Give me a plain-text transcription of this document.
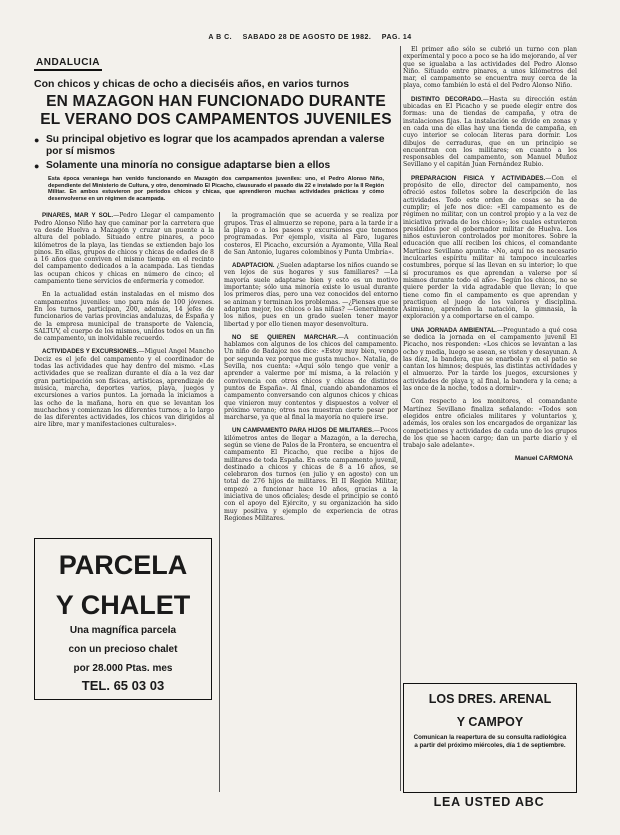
A B C. SABADO 28 DE AGOSTO DE 1982. PAG. 14
ANDALUCIA
Con chicos y chicas de ocho a dieciséis años, en varios turnos
EN MAZAGON HAN FUNCIONADO DURANTE EL VERANO DOS CAMPAMENTOS JUVENILES
● Su principal objetivo es lograr que los acampados aprendan a valerse por sí mismos
● Solamente una minoría no consigue adaptarse bien a ellos
Esta época veraniega han venido funcionando en Mazagón dos campamentos juveniles: uno, el Pedro Alonso Niño, dependiente del Ministerio de Cultura, y otro, denominado El Picacho, clausurado el pasado día 22 e instalado por la II Región Militar. En ambos estuvieron por periodos chicos y chicas, que aprendieron muchas actividades prácticas y cómo desenvolverse en un régimen de acampada.

PINARES, MAR Y SOL.—Pedro Llegar el campamento Pedro Alonso Niño hay que caminar por la carretera que va desde Huelva a Mazagón y cruzar un puente a la altura del poblado. Situado entre pinares, a poco kilómetros de la playa, las tiendas se extienden bajo los pinos. En ellas, grupos de chicos y chicas de edades de 8 a 16 años que conviven el mismo tiempo en el recinto del campamento dedicados a la acampada. Las tiendas las ocupan chicos y chicas en número de cinco; el campamento tiene servicios de enfermería y comedor.

En la actualidad están instaladas en el mismo dos campamentos juveniles: uno para más de 100 jóvenes. En los turnos, participan, 200, además, 14 jefes de funcionarios de varias provincias andaluzas, de España y de la empresa municipal de transporte de Valencia, SALTUV, el cuerpo de los mismos, unidos todos en un fin de campamento, un inolvidable recuerdo.

ACTIVIDADES Y EXCURSIONES.—Miguel Angel Mancho Deciz es el jefe del campamento y el coordinador de todas las actividades que hay dentro del mismo. «Las actividades que se realizan durante el día a la vez dar gran participación son físicas, artísticas, aprendizaje de música, marcha, deportes varios, playa, juegos y excursiones a varios puntos. La jornada la iniciamos a las ocho de la mañana, hora en que se levantan los muchachos y comienzan los diferentes turnos; a lo largo de las diferentes actividades, los chicos van dirigidos al aire libre, mar y manifestaciones culturales».

PARCELA
Y CHALET
Una magnífica parcela
con un precioso chalet
por 28.000 Ptas. mes
TEL. 65 03 03

la programación que se acuerda y se realiza por grupos. Tras el almuerzo se repone, para a la tarde ir a la playa o a los paseos y excursiones que tenemos programadas. Por ejemplo, visita al Faro, lugares costeros, El Picacho, excursión a Ayamonte, Villa Real de San Antonio, lugares colombinos y Punta Umbría».

ADAPTACION. ¿Suelen adaptarse los niños cuando se ven lejos de sus hogares y sus familiares? —La mayoría suele adaptarse bien y esto es un motivo importante; sólo una minoría existe lo usual durante los primeros días, pero una vez conocidos del entorno se animan y terminan los problemas. —¿Piensas que se adaptan mejor, los chicos o las niñas? —Generalmente los niños, pues en un grado suelen tener mayor libertad y por ello tienen mayor desenvoltura.

NO SE QUIEREN MARCHAR.—A continuación hablamos con algunos de los chicos del campamento. Un niño de Badajoz nos dice: «Estoy muy bien, vengo por segunda vez porque me gusta mucho». Natalia, de Sevilla, nos cuenta: «Aquí sólo tengo que venir a aprender a valerme por mí misma, a la relación y convivencia con otros chicos y chicas de distintos puntos de España». Al final, cuando abandonamos el campamento conversando con algunos chicos y chicas que vinieron muy contentos y dispuestos a volver el próximo verano; otros nos muestran cierto pesar por marcharse, ya que al final la mayoría no quiere irse.

UN CAMPAMENTO PARA HIJOS DE MILITARES.—Pocos kilómetros antes de llegar a Mazagón, a la derecha, según se viene de Palos de la Frontera, se encuentra el campamento El Picacho, que recibe a hijos de militares de toda España. En este campamento juvenil, destinado a chicos y chicas de 8 a 16 años, se celebraron dos turnos (en julio y en agosto) con un total de 276 hijos de militares. El II Región Militar, empezó a funcionar hace 10 años, gracias a la iniciativa de unos oficiales; desde el principio se contó con el apoyo del Ejército, y su organización ha sido muy positiva y ejemplo de experiencia de otras Regiones Militares.

El primer año sólo se cubrió un turno con plan experimental y poco a poco se ha ido mejorando, al ver que se igualaba a las actividades del Pedro Alonso Niño. Situado entre pinares, a unos kilómetros del mar, el campamento se encuentra muy cerca de la playa, como también lo está el del Pedro Alonso Niño.

DISTINTO DECORADO.—Hasta su dirección están ubicadas en El Picacho y se puede elegir entre dos formas: una de tiendas de campaña, y otra de instalaciones fijas. La instalación se divide en zonas y en cada una de ellas hay una tienda de campaña, en cuyo interior se colocan literas para dormir. Los dibujos de cerraduras, que en un principio se encuentran con los militares; en cuanto a los responsables del campamento, son Manuel Muñoz Sevillano y el capitán Juan Fernández Rubio.

PREPARACION FISICA Y ACTIVIDADES.—Con el propósito de ello, director del campamento, nos ofreció estos folletos sobre la descripción de las actividades. Todo este orden de cosas se ha de cumplir; el jefe nos dice: «El campamento es de régimen no militar, con un control propio y a la vez de iniciativa privada de los chicos»; los cuales estuvieron presididos por el gobernador militar de Huelva. Los niños estuvieron controlados por monitores. Sobre la educación que allí reciben los chicos, el comandante Martínez Sevillano apunta: «No, aquí no es necesario inculcarles espíritu militar ni tampoco inculcarles costumbres, porque sí las llevan en su interior; lo que sí procuramos es que aprendan a valerse por sí mismos durante todo el año». Según los chicos, no se quiere perder la vida agradable que llevan; lo que tiene como fin el campamento es que aprendan y practiquen el juego de los valores y disciplina. Asimismo, aprenden la natación, la gimnasia, la exploración y a comportarse en el campo.

UNA JORNADA AMBIENTAL.—Preguntado a qué cosa se dedica la jornada en el campamento juvenil El Picacho, nos responden: «Los chicos se levantan a las ocho y media, luego se asean, se visten y desayunan. A las diez, la bandera, que se enarbola y en el patio se cantan los himnos; después, las distintas actividades y el almuerzo. Por la tarde los juegos, excursiones y actividades de playa y, al final, la bandera y la cena; a las once de la noche, todos a dormir».

Con respecto a los monitores, el comandante Martínez Sevillano finaliza señalando: «Todos son elegidos entre oficiales militares y voluntarios y, además, los orales son los encargados de organizar las competiciones y actividades de cada uno de los grupos de los que se hacen cargo; dan un parte diario y el trabajo sale adelante».

Manuel CARMONA
LOS DRES. ARENAL
Y CAMPOY
Comunican la reapertura de su consulta radiológica a partir del próximo miércoles, día 1 de septiembre.
LEA USTED ABC
